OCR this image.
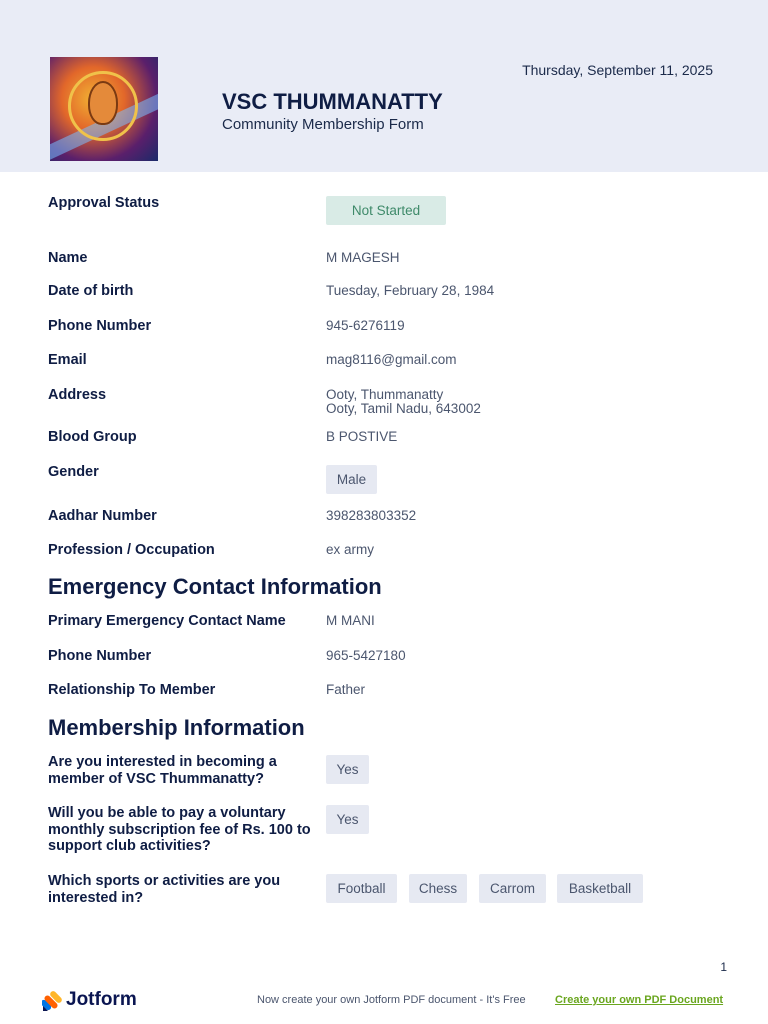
Thursday, September 11, 2025
VSC THUMMANATTY
Community Membership Form
Approval Status	Not Started
Name	M MAGESH
Date of birth	Tuesday, February 28, 1984
Phone Number	945-6276119
Email	mag8116@gmail.com
Address	Ooty, Thummanatty
Ooty, Tamil Nadu, 643002
Blood Group	B POSTIVE
Gender	Male
Aadhar Number	398283803352
Profession / Occupation	ex army
Emergency Contact Information
Primary Emergency Contact Name	M MANI
Phone Number	965-5427180
Relationship To Member	Father
Membership Information
Are you interested in becoming a
member of VSC Thummanatty?
Yes
Will you be able to pay a voluntary
monthly subscription fee of Rs. 100 to
support club activities?
Yes
Which sports or activities are you
interested in?
Football	Chess	Carrom	Basketball
1
Jotform	Now create your own Jotform PDF document - It's Free	Create your own PDF Document
